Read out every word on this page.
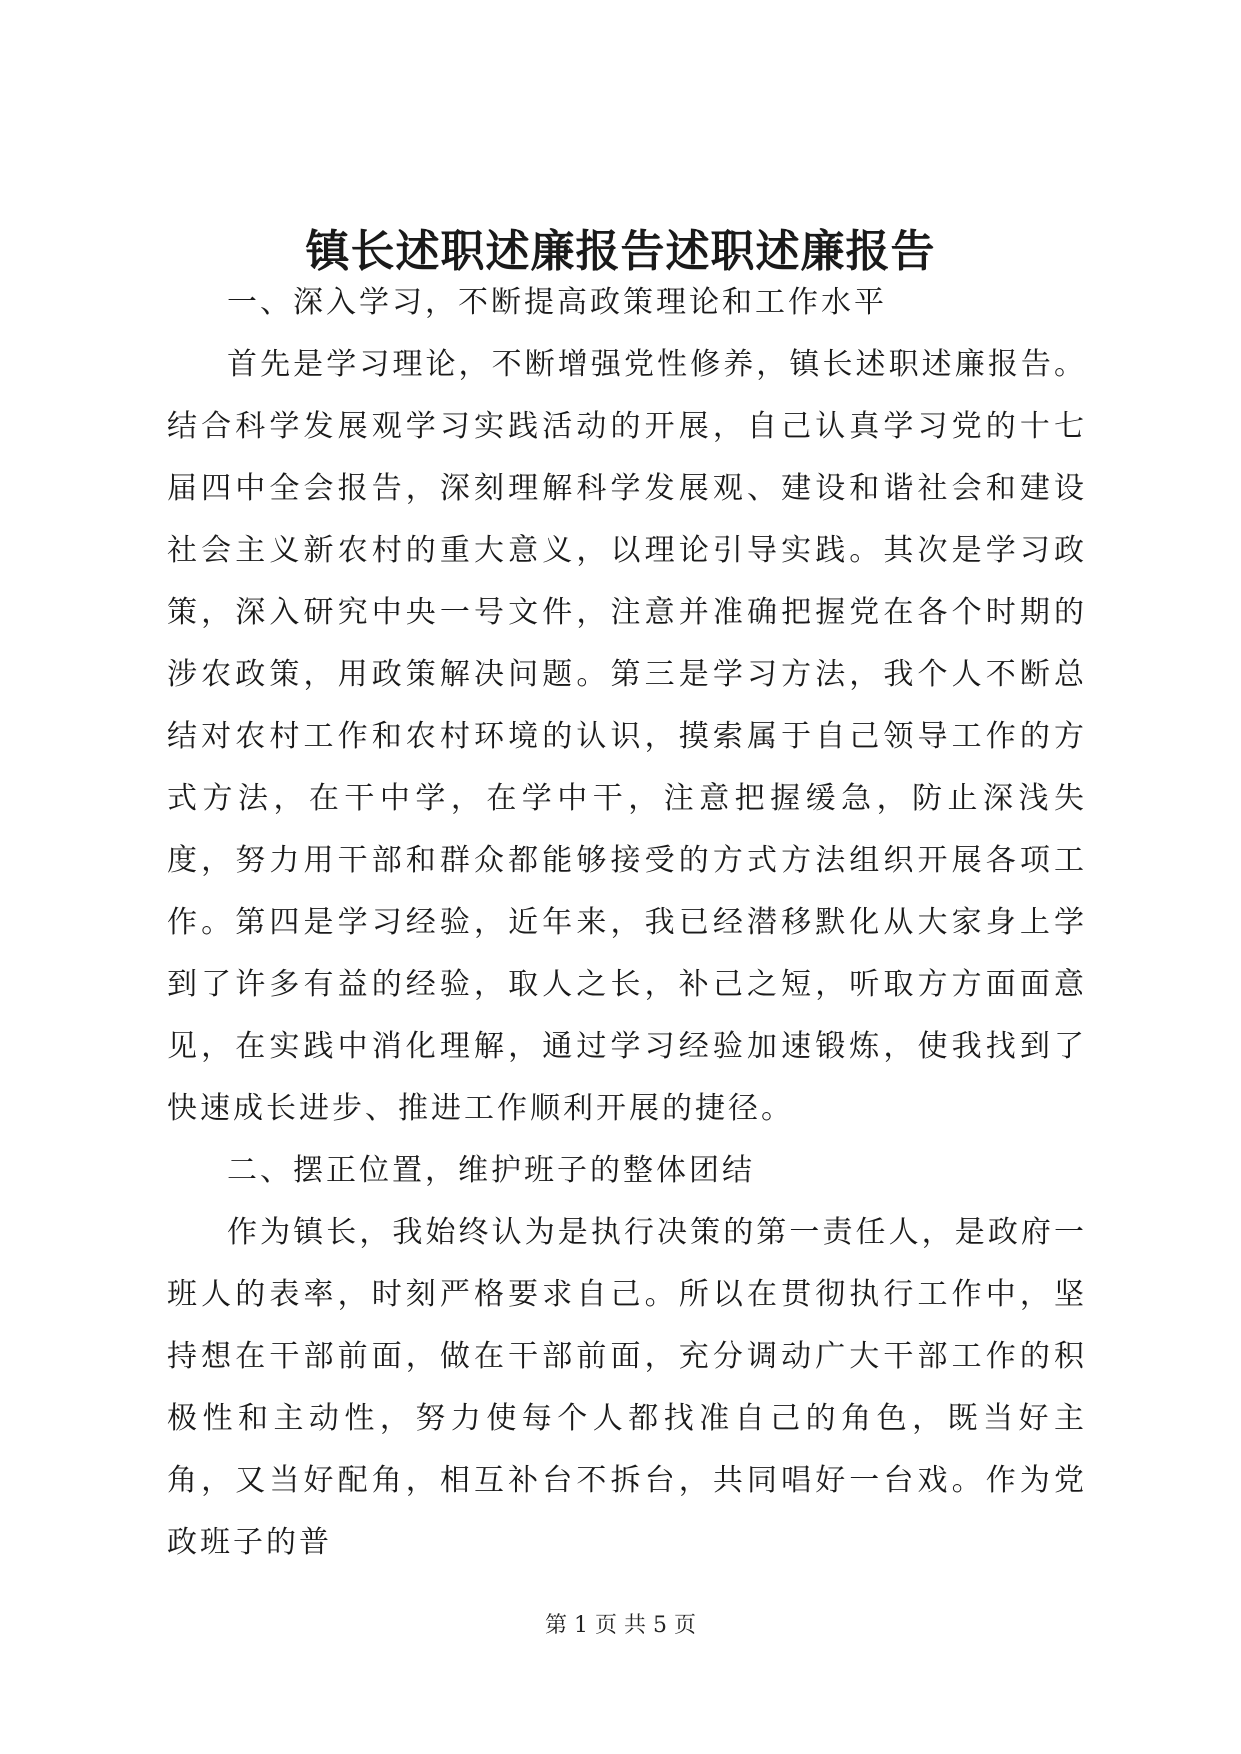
镇长述职述廉报告述职述廉报告

一、深入学习，不断提高政策理论和工作水平

首先是学习理论，不断增强党性修养，镇长述职述廉报告。结合科学发展观学习实践活动的开展，自己认真学习党的十七届四中全会报告，深刻理解科学发展观、建设和谐社会和建设社会主义新农村的重大意义，以理论引导实践。其次是学习政策，深入研究中央一号文件，注意并准确把握党在各个时期的涉农政策，用政策解决问题。第三是学习方法，我个人不断总结对农村工作和农村环境的认识，摸索属于自己领导工作的方式方法，在干中学，在学中干，注意把握缓急，防止深浅失度，努力用干部和群众都能够接受的方式方法组织开展各项工作。第四是学习经验，近年来，我已经潜移默化从大家身上学到了许多有益的经验，取人之长，补己之短，听取方方面面意见，在实践中消化理解，通过学习经验加速锻炼，使我找到了快速成长进步、推进工作顺利开展的捷径。

二、摆正位置，维护班子的整体团结

作为镇长，我始终认为是执行决策的第一责任人，是政府一班人的表率，时刻严格要求自己。所以在贯彻执行工作中，坚持想在干部前面，做在干部前面，充分调动广大干部工作的积极性和主动性，努力使每个人都找准自己的角色，既当好主角，又当好配角，相互补台不拆台，共同唱好一台戏。作为党政班子的普

第 1 页 共 5 页
